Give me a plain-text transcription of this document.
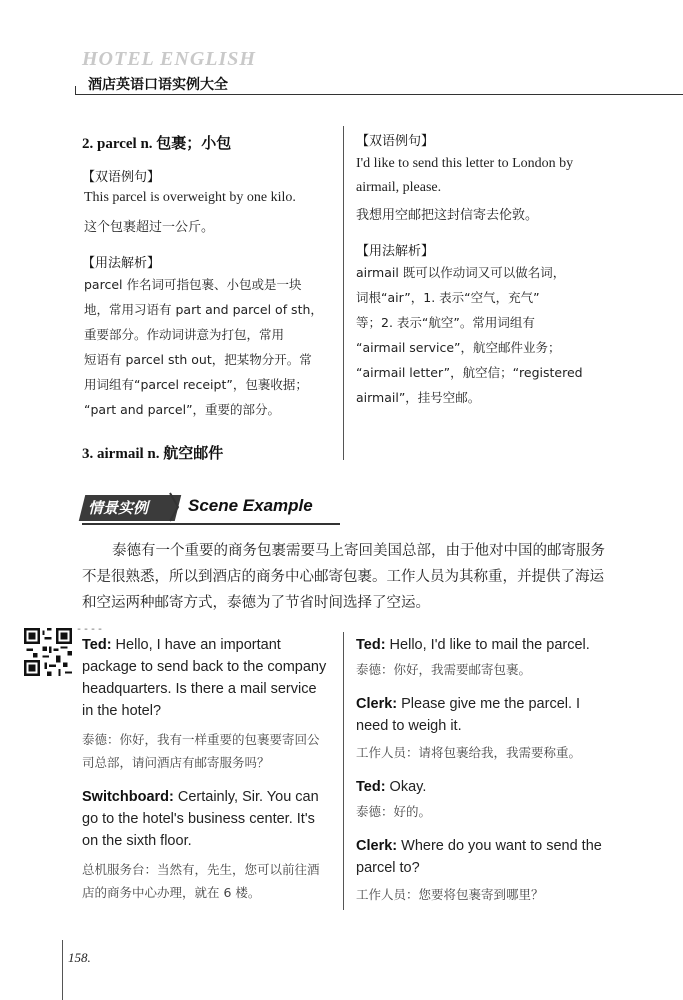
HOTEL ENGLISH
酒店英语口语实例大全
2. parcel n. 包裹；小包
【双语例句】
This parcel is overweight by one kilo.
这个包裹超过一公斤。
【用法解析】
parcel 作名词可指包裹、小包或是一块
地，常用习语有 part and parcel of sth，
重要部分。作动词讲意为打包，常用
短语有 parcel sth out，把某物分开。常
用词组有“parcel receipt”，包裹收据；
“part and parcel”，重要的部分。
3. airmail n. 航空邮件
【双语例句】
I'd like to send this letter to London by
airmail, please.
我想用空邮把这封信寄去伦敦。
【用法解析】
airmail 既可以作动词又可以做名词，
词根“air”，1. 表示“空气，充气”
等；2. 表示“航空”。常用词组有
“airmail service”，航空邮件业务；
“airmail letter”，航空信；“registered
airmail”，挂号空邮。
情景实例 Scene Example
泰德有一个重要的商务包裹需要马上寄回美国总部，由于他对中国的邮寄服务不是很熟悉，所以到酒店的商务中心邮寄包裹。工作人员为其称重，并提供了海运和空运两种邮寄方式，泰德为了节省时间选择了空运。
----
Ted: Hello, I have an important package to send back to the company headquarters. Is there a mail service in the hotel?
泰德：你好，我有一样重要的包裹要寄回公司总部，请问酒店有邮寄服务吗？
Switchboard: Certainly, Sir. You can go to the hotel's business center. It's on the sixth floor.
总机服务台：当然有，先生，您可以前往酒店的商务中心办理，就在 6 楼。
Ted: Hello, I'd like to mail the parcel.
泰德：你好，我需要邮寄包裹。
Clerk: Please give me the parcel. I need to weigh it.
工作人员：请将包裹给我，我需要称重。
Ted: Okay.
泰德：好的。
Clerk: Where do you want to send the parcel to?
工作人员：您要将包裹寄到哪里？
158.
